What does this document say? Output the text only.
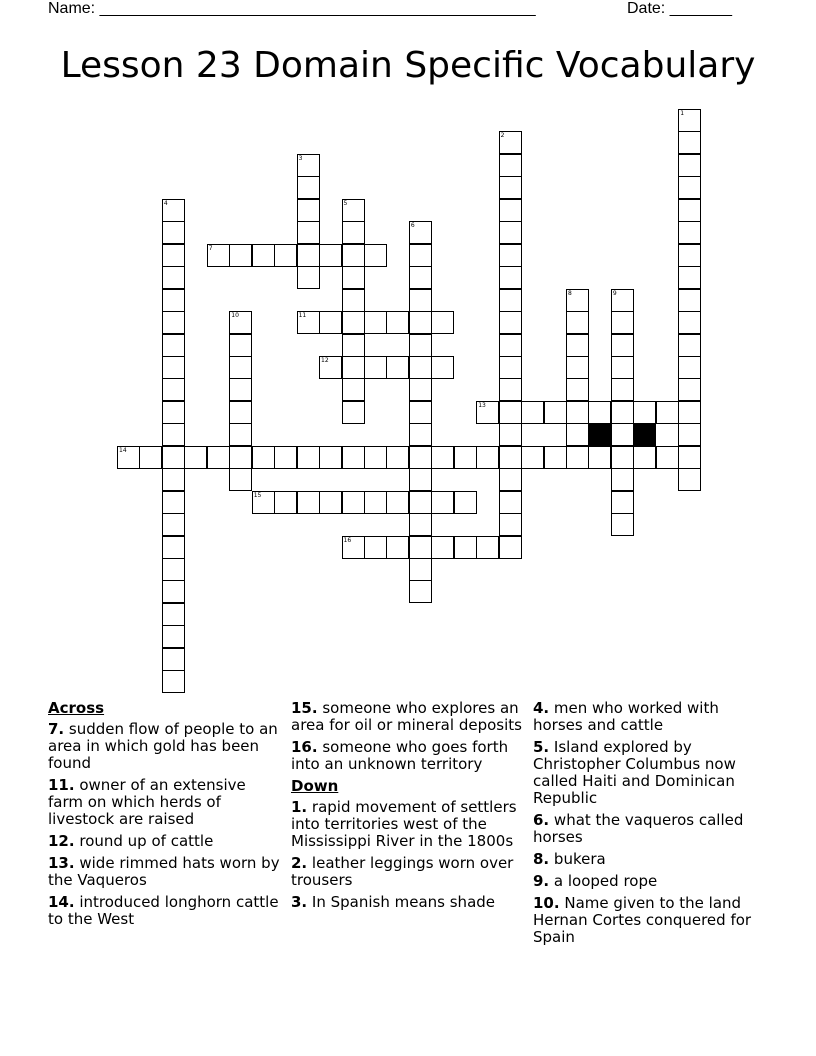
Name: _________________________________________________	Date: _______
Lesson 23 Domain Specific Vocabulary
1
2
3
4	5
6
7
8	9
10	11
12
13
14
15
16
Across
7. sudden flow of people to an area in which gold has been found
11. owner of an extensive farm on which herds of livestock are raised
12. round up of cattle
13. wide rimmed hats worn by the Vaqueros
14. introduced longhorn cattle to the West
15. someone who explores an area for oil or mineral deposits
16. someone who goes forth into an unknown territory
Down
1. rapid movement of settlers into territories west of the Mississippi River in the 1800s
2. leather leggings worn over trousers
3. In Spanish means shade
4. men who worked with horses and cattle
5. Island explored by Christopher Columbus now called Haiti and Dominican Republic
6. what the vaqueros called horses
8. bukera
9. a looped rope
10. Name given to the land Hernan Cortes conquered for Spain
